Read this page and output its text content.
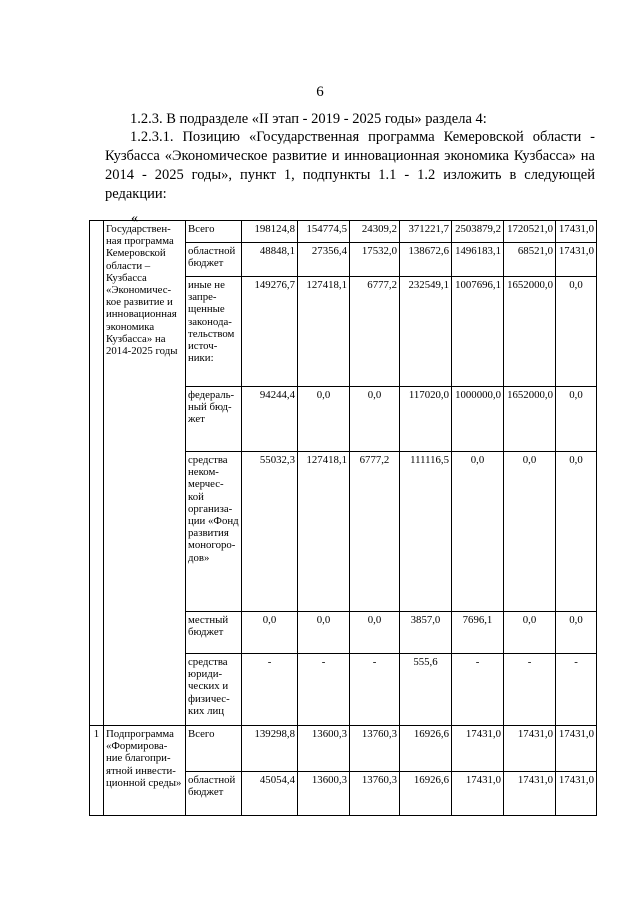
6
1.2.3. В подразделе «II этап - 2019 - 2025 годы» раздела 4:
1.2.3.1. Позицию «Государственная программа Кемеровской области - Кузбасса «Экономическое развитие и инновационная экономика Кузбасса» на 2014 - 2025 годы», пункт 1, подпункты 1.1 - 1.2 изложить в следующей редакции:
«
	Государствен-ная программа Кемеровской области – Кузбасса «Экономичес-кое развитие и инновационная экономика Кузбасса» на 2014-2025 годы	Всего	198124,8	154774,5	24309,2	371221,7	2503879,2	1720521,0	17431,0
		областной бюджет	48848,1	27356,4	17532,0	138672,6	1496183,1	68521,0	17431,0
		иные не запре-щенные законода-тельством источ-ники:	149276,7	127418,1	6777,2	232549,1	1007696,1	1652000,0	0,0
		федераль-ный бюд-жет	94244,4	0,0	0,0	117020,0	1000000,0	1652000,0	0,0
		средства неком-мерчес-кой организа-ции «Фонд развития моногоро-дов»	55032,3	127418,1	6777,2	111116,5	0,0	0,0	0,0
		местный бюджет	0,0	0,0	0,0	3857,0	7696,1	0,0	0,0
		средства юриди-ческих и физичес-ких лиц	-	-	-	555,6	-	-	-
1	Подпрограмма «Формирова-ние благопри-ятной инвести-ционной среды»	Всего	139298,8	13600,3	13760,3	16926,6	17431,0	17431,0	17431,0
		областной бюджет	45054,4	13600,3	13760,3	16926,6	17431,0	17431,0	17431,0
